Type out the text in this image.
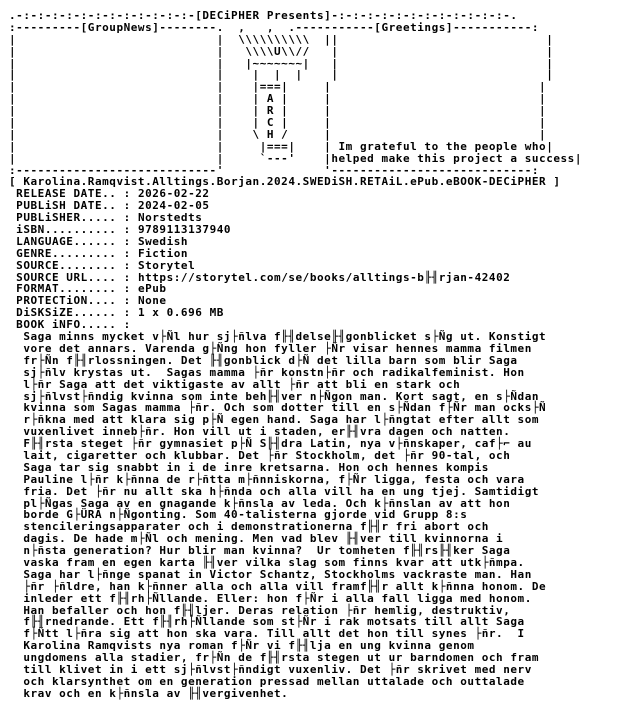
.-:-:-:-:-:-:-:-:-:-:-:-:-[DECiPHER Presents]-:-:-:-:-:-:-:-:-:-:-:-:-.
:---------[GroupNews]--------.  ,   ,  .-----------[Greetings]-----------:
|                            |  \\\\\\\\\\  ||                             |
|                            |   \\\\U\\//   |                             |
|                            |   |~~~~~~~|   |                             |
|                            |    |  |  |    |                             |
|                            |    |===|     |                             |
|                            |    | A |     |                             |
|                            |    | R |     |                             |
|                            |    | C |     |                             |
|                            |    \ H /     |                             |
|                            |     |===|    | Im grateful to the people who|
|                            |     `---'    |helped make this project a success|
:----------------------------'              '----------------------------:
[ Karolina.Ramqvist.Alltings.Borjan.2024.SWEDiSH.RETAiL.ePub.eBOOK-DECiPHER ]
RELEASE DATE.. : 2026-02-22
PUBLiSH DATE.. : 2024-02-05
PUBLiSHER..... : Norstedts
iSBN.......... : 9789113137940
LANGUAGE...... : Swedish
GENRE......... : Fiction
SOURCE........ : Storytel
SOURCE URL.... : https://storytel.com/se/books/alltings-b╟╢rjan-42402
FORMAT........ : ePub
PROTECTiON.... : None
DiSKSiZE...... : 1 x 0.696 MB
BOOK iNFO..... :
Saga minns mycket v├Ñl hur sj├ñlva f╟╢delse╟╢gonblicket s├Ñg ut. Konstigt
vore det annars. Varenda g├Ñng hon fyller ├Ñr visar hennes mamma filmen
fr├Ñn f╟╢rlossningen. Det ╟╢gonblick d├Ñ det lilla barn som blir Saga
sj├ñlv krystas ut.  Sagas mamma ├ñr konstn├ñr och radikalfeminist. Hon
l├ñr Saga att det viktigaste av allt ├ñr att bli en stark och
sj├ñlvst├ñndig kvinna som inte beh╟╢ver n├Ñgon man. Kort sagt, en s├Ñdan
kvinna som Sagas mamma ├ñr. Och som dotter till en s├Ñdan f├Ñr man ocks├Ñ
r├ñkna med att klara sig p├Ñ egen hand. Saga har l├ñngtat efter allt som
vuxenlivet inneb├ñr. Hon vill ut i staden, er╟╢vra dagen och natten.
F╟╢rsta steget ├ñr gymnasiet p├Ñ S╟╢dra Latin, nya v├ñnskaper, caf├⌐ au
lait, cigaretter och klubbar. Det ├ñr Stockholm, det ├ñr 90-tal, och
Saga tar sig snabbt in i de inre kretsarna. Hon och hennes kompis
Pauline l├ñr k├ñnna de r├ñtta m├ñnniskorna, f├Ñr ligga, festa och vara
fria. Det ├ñr nu allt ska h├ñnda och alla vill ha en ung tjej. Samtidigt
pl├Ñgas Saga av en gnagande k├ñnsla av leda. Och k├ñnslan av att hon
borde G├ÜRA n├Ñgonting. Som 40-talisterna gjorde vid Grupp 8:s
stencileringsapparater och i demonstrationerna f╟╢r fri abort och
dagis. De hade m├Ñl och mening. Men vad blev ╟╢ver till kvinnorna i
n├ñsta generation? Hur blir man kvinna?  Ur tomheten f╟╢rs╟╢ker Saga
vaska fram en egen karta ╟╢ver vilka slag som finns kvar att utk├ñmpa.
Saga har l├ñnge spanat in Victor Schantz, Stockholms vackraste man. Han
├ñr ├ñldre, han k├ñnner alla och alla vill framf╟╢r allt k├ñnna honom. De
inleder ett f╟╢rh├Ñllande. Eller: hon f├Ñr i alla fall ligga med honom.
Han befaller och hon f╟╢ljer. Deras relation ├ñr hemlig, destruktiv,
f╟╢rnedrande. Ett f╟╢rh├Ñllande som st├Ñr i rak motsats till allt Saga
f├Ñtt l├ñra sig att hon ska vara. Till allt det hon till synes ├ñr.  I
Karolina Ramqvists nya roman f├Ñr vi f╟╢lja en ung kvinna genom
ungdomens alla stadier, fr├Ñn de f╟╢rsta stegen ut ur barndomen och fram
till klivet in i ett sj├ñlvst├ñndigt vuxenliv. Det ├ñr skrivet med nerv
och klarsynthet om en generation pressad mellan uttalade och outtalade
krav och en k├ñnsla av ╟╢vergivenhet.
